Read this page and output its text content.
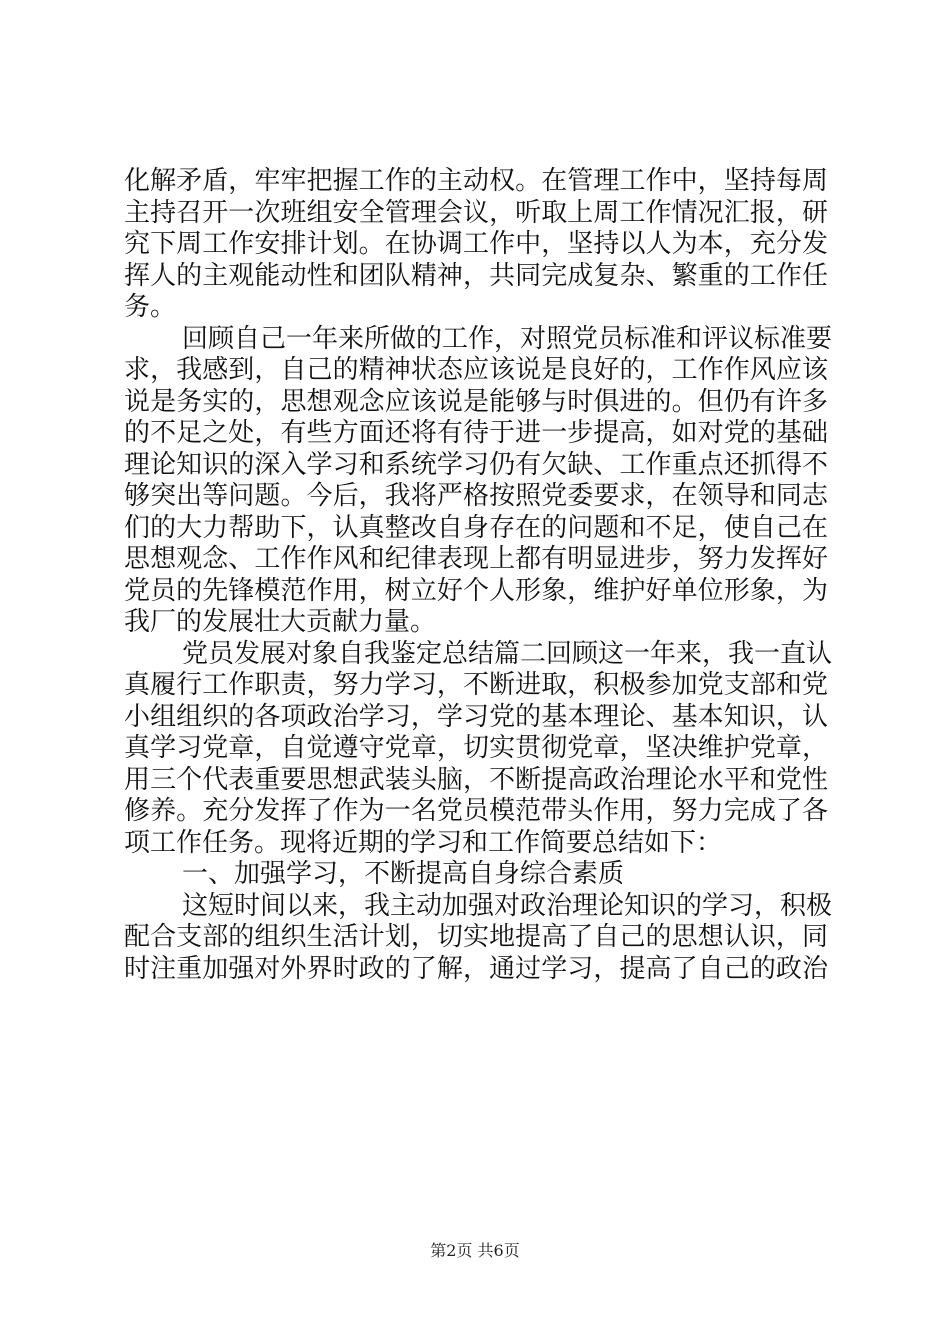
化解矛盾，牢牢把握工作的主动权。在管理工作中，坚持每周
主持召开一次班组安全管理会议，听取上周工作情况汇报，研
究下周工作安排计划。在协调工作中，坚持以人为本，充分发
挥人的主观能动性和团队精神，共同完成复杂、繁重的工作任
务。
回顾自己一年来所做的工作，对照党员标准和评议标准要
求，我感到，自己的精神状态应该说是良好的，工作作风应该
说是务实的，思想观念应该说是能够与时俱进的。但仍有许多
的不足之处，有些方面还将有待于进一步提高，如对党的基础
理论知识的深入学习和系统学习仍有欠缺、工作重点还抓得不
够突出等问题。今后，我将严格按照党委要求，在领导和同志
们的大力帮助下，认真整改自身存在的问题和不足，使自己在
思想观念、工作作风和纪律表现上都有明显进步，努力发挥好
党员的先锋模范作用，树立好个人形象，维护好单位形象，为
我厂的发展壮大贡献力量。
党员发展对象自我鉴定总结篇二回顾这一年来，我一直认
真履行工作职责，努力学习，不断进取，积极参加党支部和党
小组组织的各项政治学习，学习党的基本理论、基本知识，认
真学习党章，自觉遵守党章，切实贯彻党章，坚决维护党章，
用三个代表重要思想武装头脑，不断提高政治理论水平和党性
修养。充分发挥了作为一名党员模范带头作用，努力完成了各
项工作任务。现将近期的学习和工作简要总结如下：
一、加强学习，不断提高自身综合素质
这短时间以来，我主动加强对政治理论知识的学习，积极
配合支部的组织生活计划，切实地提高了自己的思想认识，同
时注重加强对外界时政的了解，通过学习，提高了自己的政治
第2页 共6页
